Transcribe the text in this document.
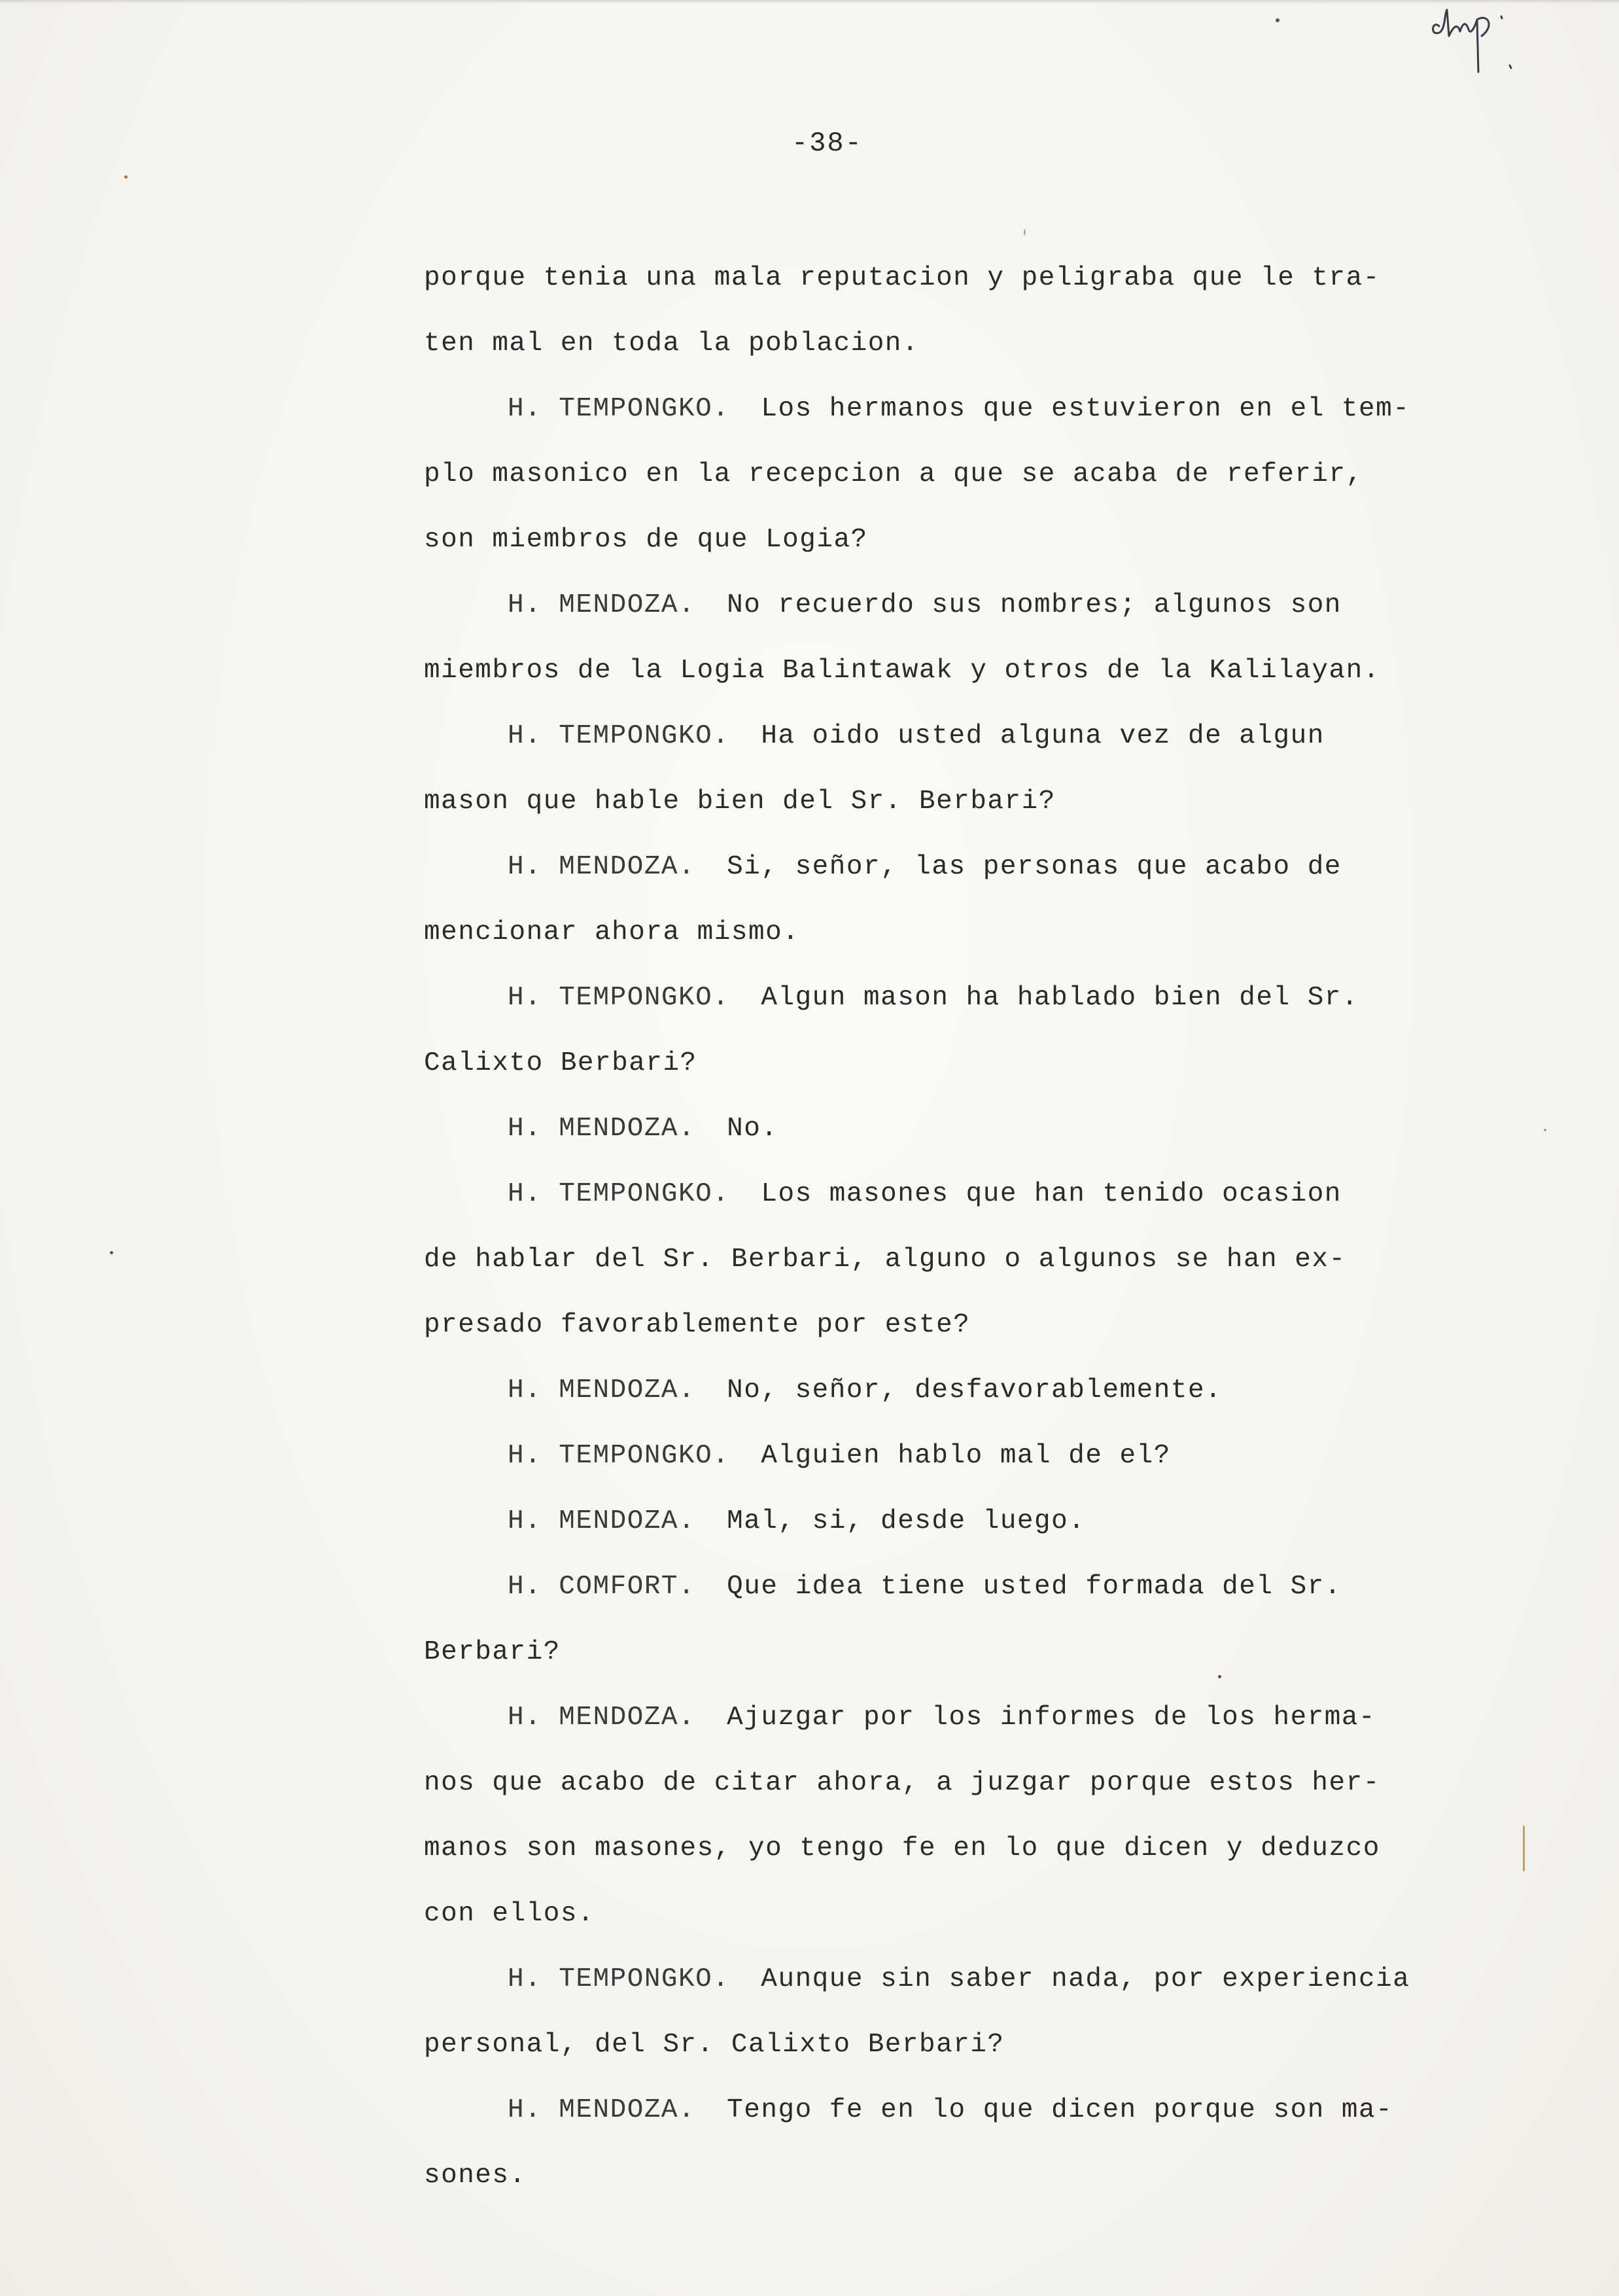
-38-
porque tenia una mala reputacion y peligraba que le tra-
ten mal en toda la poblacion.
H. TEMPONGKO. Los hermanos que estuvieron en el tem-
plo masonico en la recepcion a que se acaba de referir,
son miembros de que Logia?
H. MENDOZA. No recuerdo sus nombres; algunos son
miembros de la Logia Balintawak y otros de la Kalilayan.
H. TEMPONGKO. Ha oido usted alguna vez de algun
mason que hable bien del Sr. Berbari?
H. MENDOZA. Si, señor, las personas que acabo de
mencionar ahora mismo.
H. TEMPONGKO. Algun mason ha hablado bien del Sr.
Calixto Berbari?
H. MENDOZA. No.
H. TEMPONGKO. Los masones que han tenido ocasion
de hablar del Sr. Berbari, alguno o algunos se han ex-
presado favorablemente por este?
H. MENDOZA. No, señor, desfavorablemente.
H. TEMPONGKO. Alguien hablo mal de el?
H. MENDOZA. Mal, si, desde luego.
H. COMFORT. Que idea tiene usted formada del Sr.
Berbari?
H. MENDOZA. Ajuzgar por los informes de los herma-
nos que acabo de citar ahora, a juzgar porque estos her-
manos son masones, yo tengo fe en lo que dicen y deduzco
con ellos.
H. TEMPONGKO. Aunque sin saber nada, por experiencia
personal, del Sr. Calixto Berbari?
H. MENDOZA. Tengo fe en lo que dicen porque son ma-
sones.
